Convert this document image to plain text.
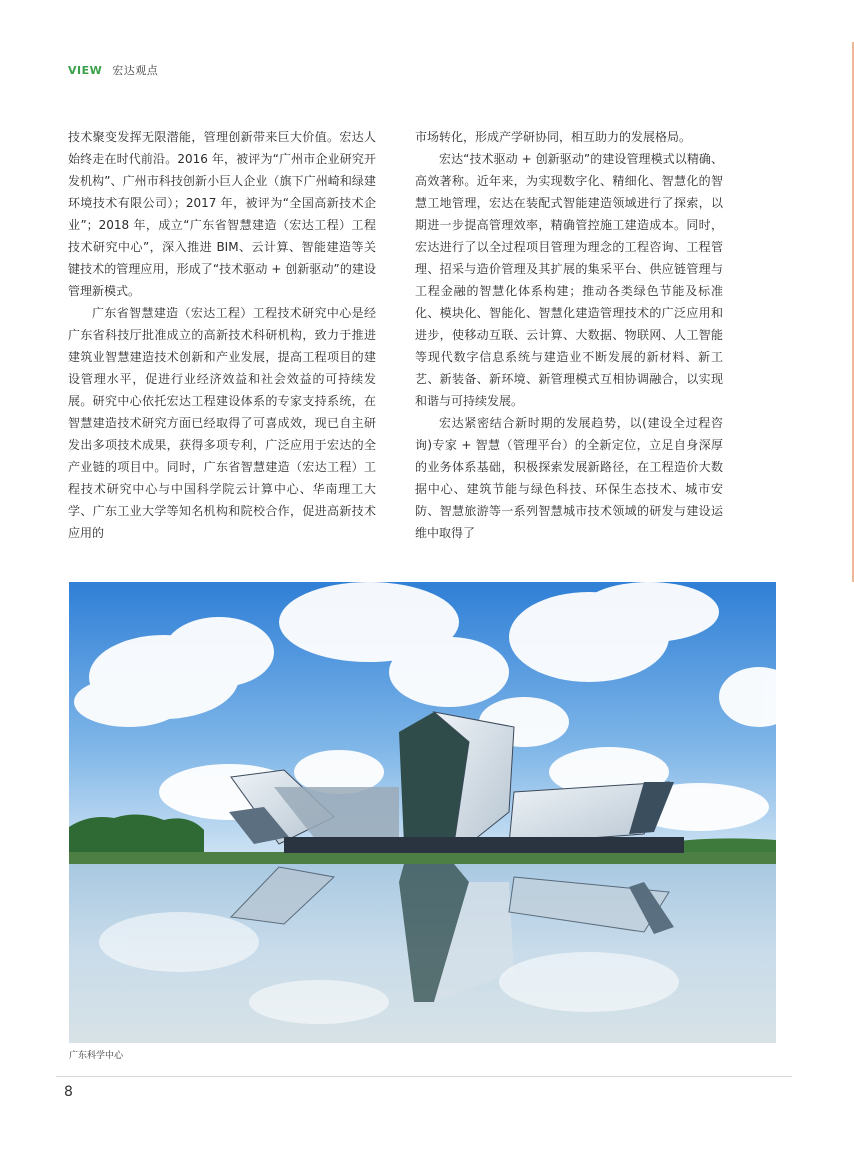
VIEW 宏达观点

技术聚变发挥无限潜能，管理创新带来巨大价值。宏达人始终走在时代前沿。2016 年，被评为“广州市企业研究开发机构”、广州市科技创新小巨人企业（旗下广州崎和绿建环境技术有限公司）；2017 年，被评为“全国高新技术企业”；2018 年，成立“广东省智慧建造（宏达工程）工程技术研究中心”，深入推进 BIM、云计算、智能建造等关键技术的管理应用，形成了“技术驱动 + 创新驱动”的建设管理新模式。

广东省智慧建造（宏达工程）工程技术研究中心是经广东省科技厅批准成立的高新技术科研机构，致力于推进建筑业智慧建造技术创新和产业发展，提高工程项目的建设管理水平，促进行业经济效益和社会效益的可持续发展。研究中心依托宏达工程建设体系的专家支持系统，在智慧建造技术研究方面已经取得了可喜成效，现已自主研发出多项技术成果，获得多项专利，广泛应用于宏达的全产业链的项目中。同时，广东省智慧建造（宏达工程）工程技术研究中心与中国科学院云计算中心、华南理工大学、广东工业大学等知名机构和院校合作，促进高新技术应用的

市场转化，形成产学研协同，相互助力的发展格局。

宏达“技术驱动 + 创新驱动”的建设管理模式以精确、高效著称。近年来，为实现数字化、精细化、智慧化的智慧工地管理，宏达在装配式智能建造领域进行了探索，以期进一步提高管理效率，精确管控施工建造成本。同时，宏达进行了以全过程项目管理为理念的工程咨询、工程管理、招采与造价管理及其扩展的集采平台、供应链管理与工程金融的智慧化体系构建；推动各类绿色节能及标准化、模块化、智能化、智慧化建造管理技术的广泛应用和进步，使移动互联、云计算、大数据、物联网、人工智能等现代数字信息系统与建造业不断发展的新材料、新工艺、新装备、新环境、新管理模式互相协调融合，以实现和谐与可持续发展。

宏达紧密结合新时期的发展趋势，以(建设全过程咨询)专家 + 智慧（管理平台）的全新定位，立足自身深厚的业务体系基础，积极探索发展新路径，在工程造价大数据中心、建筑节能与绿色科技、环保生态技术、城市安防、智慧旅游等一系列智慧城市技术领域的研发与建设运维中取得了

广东科学中心
8
